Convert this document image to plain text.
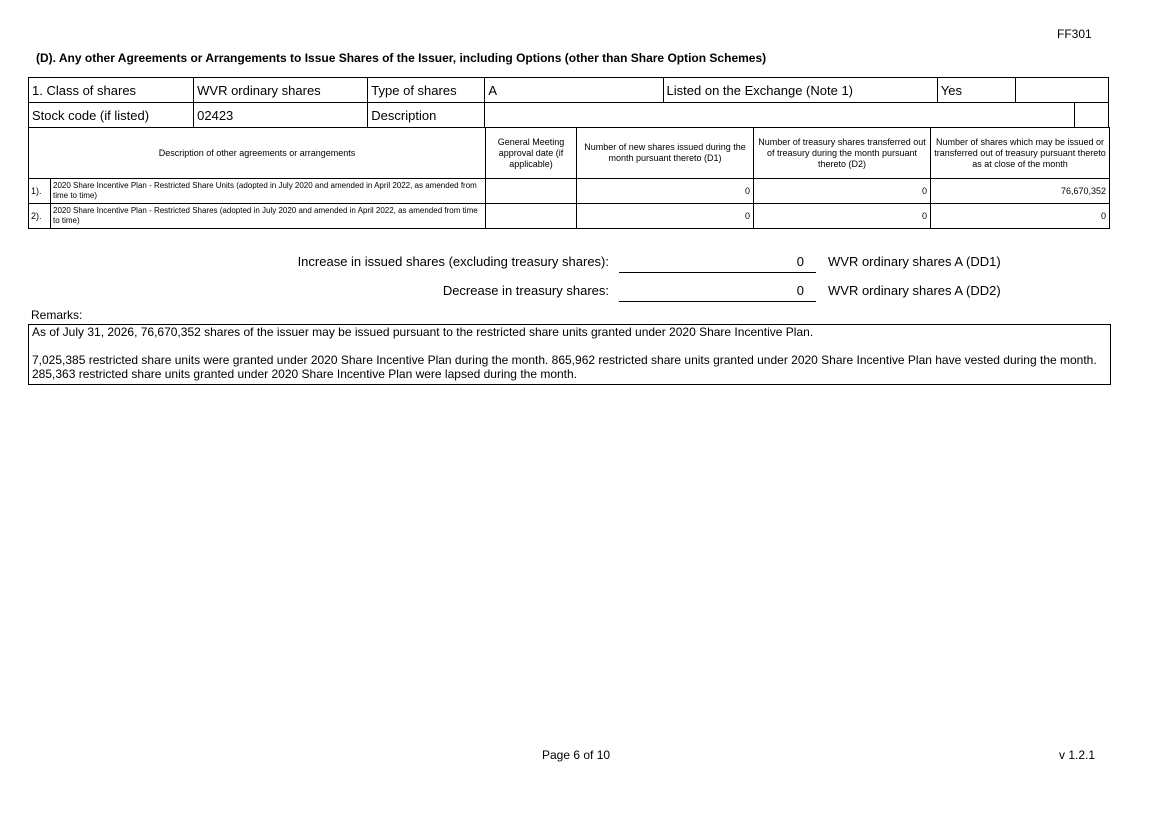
FF301
(D). Any other Agreements or Arrangements to Issue Shares of the Issuer, including Options (other than Share Option Schemes)
1. Class of shares	WVR ordinary shares	Type of shares	A	Listed on the Exchange (Note 1)	Yes		
Stock code (if listed)	02423	Description					
Description of other agreements or arrangements		General Meeting approval date (if applicable)	Number of new shares issued during the month pursuant thereto (D1)	Number of treasury shares transferred out of treasury during the month pursuant thereto (D2)	Number of shares which may be issued or transferred out of treasury pursuant thereto as at close of the month
1).	2020 Share Incentive Plan - Restricted Share Units (adopted in July 2020 and amended in April 2022, as amended from time to time)		0	0	76,670,352
2).	2020 Share Incentive Plan - Restricted Shares (adopted in July 2020 and amended in April 2022, as amended from time to time)		0	0	0
Increase in issued shares (excluding treasury shares):	0 WVR ordinary shares A (DD1)
Decrease in treasury shares:	0 WVR ordinary shares A (DD2)
Remarks:

As of July 31, 2026, 76,670,352 shares of the issuer may be issued pursuant to the restricted share units granted under 2020 Share Incentive Plan.

7,025,385 restricted share units were granted under 2020 Share Incentive Plan during the month. 865,962 restricted share units granted under 2020 Share Incentive Plan have vested during the month. 285,363 restricted share units granted under 2020 Share Incentive Plan were lapsed during the month.

Page 6 of 10	v 1.2.1
